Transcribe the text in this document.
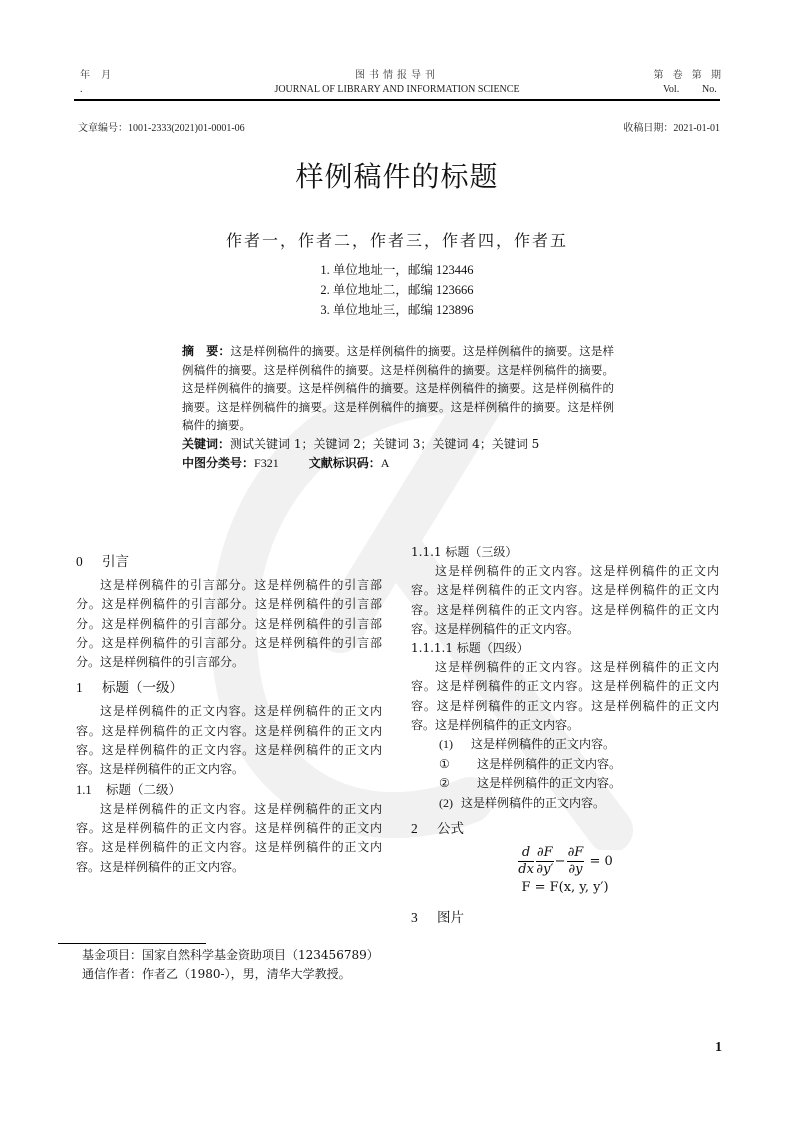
年 月
.
图书情报导刊
JOURNAL OF LIBRARY AND INFORMATION SCIENCE
第 卷 第 期
Vol. No.
文章编号：1001-2333(2021)01-0001-06	收稿日期：2021-01-01
样例稿件的标题
作者一，作者二，作者三，作者四，作者五
1. 单位地址一，邮编 123446
2. 单位地址二，邮编 123666
3. 单位地址三，邮编 123896
摘　要：这是样例稿件的摘要。这是样例稿件的摘要。这是样例稿件的摘要。这是样例稿件的摘要。这是样例稿件的摘要。这是样例稿件的摘要。这是样例稿件的摘要。这是样例稿件的摘要。这是样例稿件的摘要。这是样例稿件的摘要。这是样例稿件的摘要。这是样例稿件的摘要。这是样例稿件的摘要。这是样例稿件的摘要。这是样例稿件的摘要。
关键词：测试关键词 1；关键词 2；关键词 3；关键词 4；关键词 5
中图分类号：F321	文献标识码：A
0 引言

这是样例稿件的引言部分。这是样例稿件的引言部分。这是样例稿件的引言部分。这是样例稿件的引言部分。这是样例稿件的引言部分。这是样例稿件的引言部分。这是样例稿件的引言部分。这是样例稿件的引言部分。这是样例稿件的引言部分。

1 标题（一级）

这是样例稿件的正文内容。这是样例稿件的正文内容。这是样例稿件的正文内容。这是样例稿件的正文内容。这是样例稿件的正文内容。这是样例稿件的正文内容。这是样例稿件的正文内容。

1.1 标题（二级）

这是样例稿件的正文内容。这是样例稿件的正文内容。这是样例稿件的正文内容。这是样例稿件的正文内容。这是样例稿件的正文内容。这是样例稿件的正文内容。这是样例稿件的正文内容。

基金项目：国家自然科学基金资助项目（123456789）

通信作者：作者乙（1980-），男，清华大学教授。

1.1.1 标题（三级）

这是样例稿件的正文内容。这是样例稿件的正文内容。这是样例稿件的正文内容。这是样例稿件的正文内容。这是样例稿件的正文内容。这是样例稿件的正文内容。这是样例稿件的正文内容。

1.1.1.1 标题（四级）

这是样例稿件的正文内容。这是样例稿件的正文内容。这是样例稿件的正文内容。这是样例稿件的正文内容。这是样例稿件的正文内容。这是样例稿件的正文内容。这是样例稿件的正文内容。

(1) 这是样例稿件的正文内容。
① 这是样例稿件的正文内容。
② 这是样例稿件的正文内容。
(2) 这是样例稿件的正文内容。
2 公式
$\frac{d}{dx} \frac{\partial F}{\partial y'} - \frac{\partial F}{\partial y} = 0$
F = F(x, y, y′)
3 图片
1
